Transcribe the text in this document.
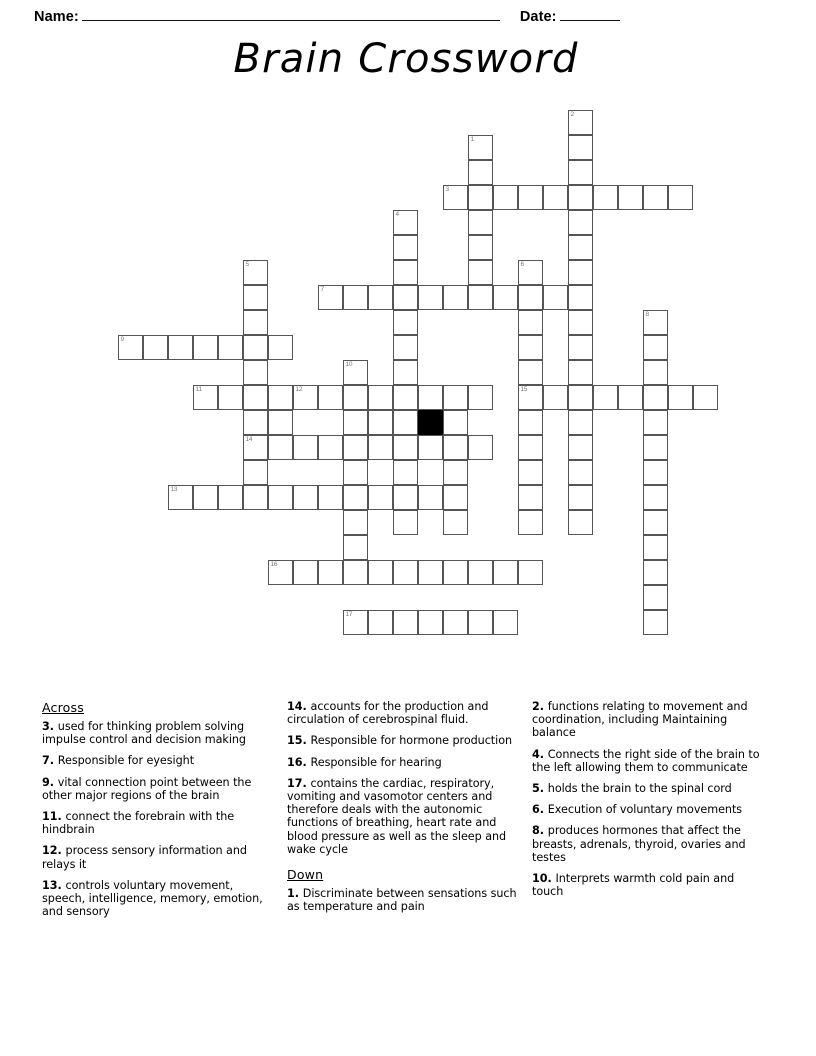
Name:	Date:
Brain Crossword
2
1
3
4
5	6
7
8
9
10
11	12	15
14
13
16
17
Across

3. used for thinking problem solving impulse control and decision making

7. Responsible for eyesight

9. vital connection point between the other major regions of the brain

11. connect the forebrain with the hindbrain

12. process sensory information and relays it

13. controls voluntary movement, speech, intelligence, memory, emotion, and sensory

14. accounts for the production and circulation of cerebrospinal fluid.

15. Responsible for hormone production

16. Responsible for hearing

17. contains the cardiac, respiratory, vomiting and vasomotor centers and therefore deals with the autonomic functions of breathing, heart rate and blood pressure as well as the sleep and wake cycle

Down

1. Discriminate between sensations such as temperature and pain

2. functions relating to movement and coordination, including Maintaining balance

4. Connects the right side of the brain to the left allowing them to communicate

5. holds the brain to the spinal cord

6. Execution of voluntary movements

8. produces hormones that affect the breasts, adrenals, thyroid, ovaries and testes

10. Interprets warmth cold pain and touch
